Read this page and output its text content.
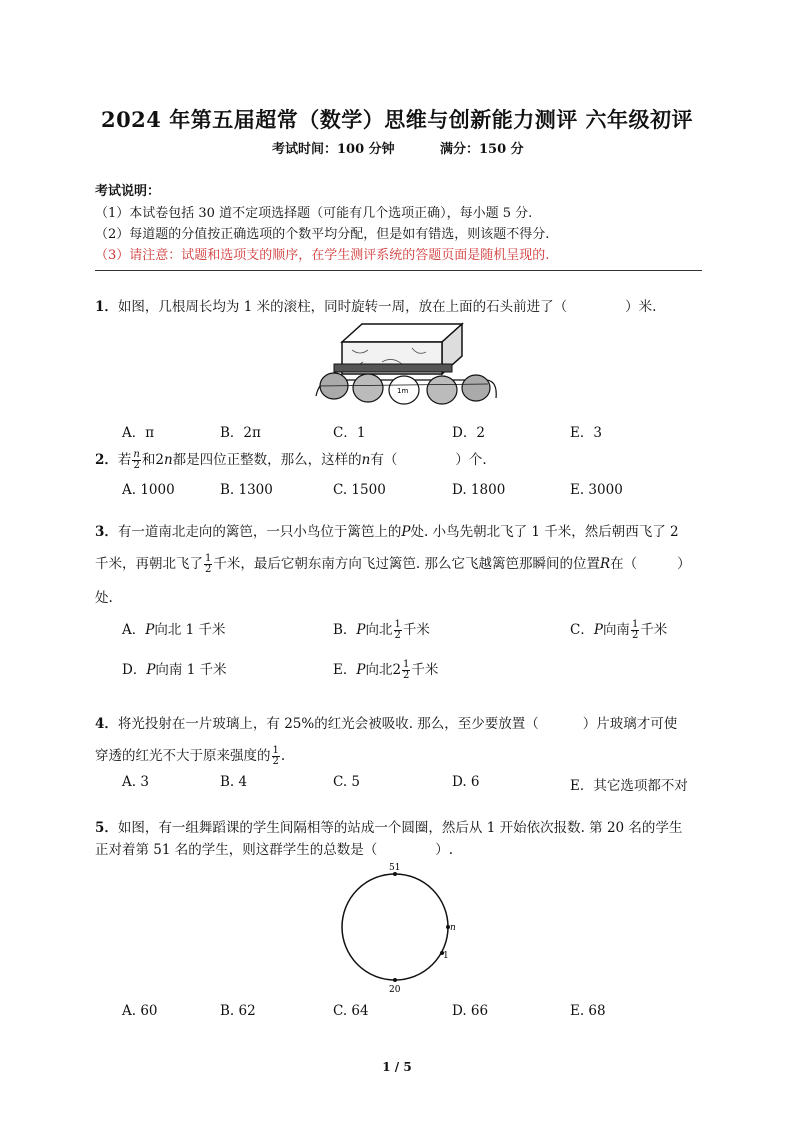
2024 年第五届超常（数学）思维与创新能力测评 六年级初评
考试时间：100 分钟	满分：150 分
考试说明：
（1）本试卷包括 30 道不定项选择题（可能有几个选项正确），每小题 5 分.
（2）每道题的分值按正确选项的个数平均分配，但是如有错选，则该题不得分.
（3）请注意：试题和选项支的顺序，在学生测评系统的答题页面是随机呈现的.
1．如图，几根周长均为 1 米的滚柱，同时旋转一周，放在上面的石头前进了（	）米.
1m
A．π	B．2π	C．1	D．2	E．3
2．若 $\frac{n}{2}$ 和2n都是四位正整数，那么，这样的n有（	）个.
A. 1000	B. 1300	C. 1500	D. 1800	E. 3000
3．有一道南北走向的篱笆，一只小鸟位于篱笆上的P处. 小鸟先朝北飞了 1 千米，然后朝西飞了 2
千米，再朝北飞了 $\frac{1}{2}$ 千米，最后它朝东南方向飞过篱笆. 那么它飞越篱笆那瞬间的位置R在（	）
处.
A．P向北 1 千米	B．P向北 $\frac{1}{2}$ 千米	C．P向南 $\frac{1}{2}$ 千米
D．P向南 1 千米	E．P向北$2 \frac{1}{2}$ 千米
4．将光投射在一片玻璃上，有 25%的红光会被吸收. 那么，至少要放置（	）片玻璃才可使
穿透的红光不大于原来强度的 $\frac{1}{2}$ .
A. 3	B. 4	C. 5	D. 6	E．其它选项都不对
5．如图，有一组舞蹈课的学生间隔相等的站成一个圆圈，然后从 1 开始依次报数. 第 20 名的学生
正对着第 51 名的学生，则这群学生的总数是（	）.
51
n
1
20
A. 60	B. 62	C. 64	D. 66	E. 68
1 / 5
